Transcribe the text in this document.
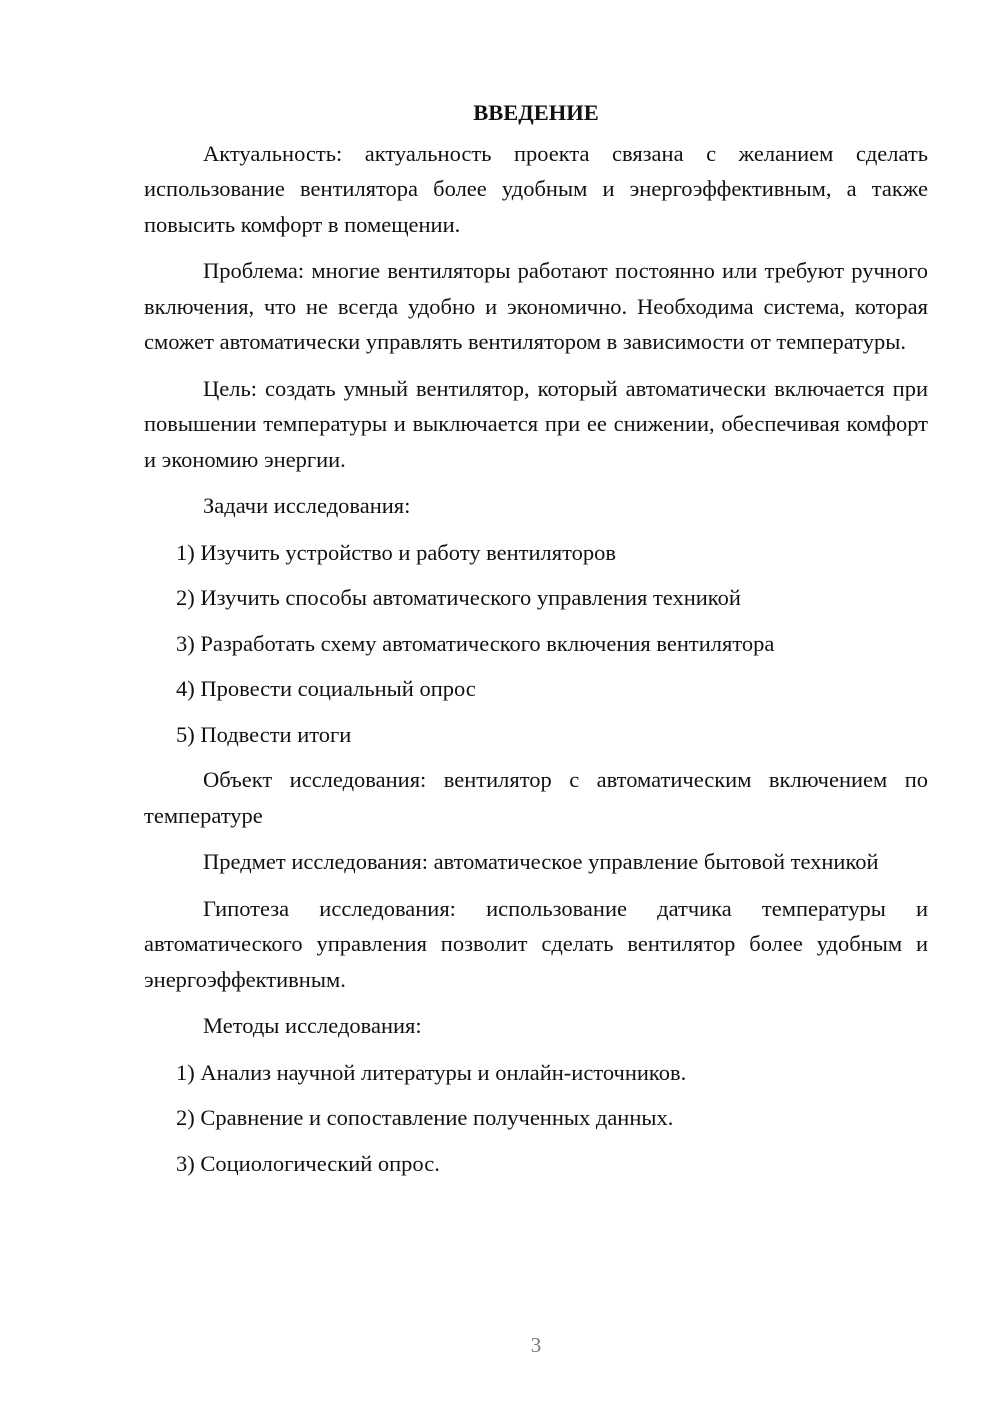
ВВЕДЕНИЕ

Актуальность: актуальность проекта связана с желанием сделать использование вентилятора более удобным и энергоэффективным, а также повысить комфорт в помещении.

Проблема: многие вентиляторы работают постоянно или требуют ручного включения, что не всегда удобно и экономично. Необходима система, которая сможет автоматически управлять вентилятором в зависимости от температуры.

Цель: создать умный вентилятор, который автоматически включается при повышении температуры и выключается при ее снижении, обеспечивая комфорт и экономию энергии.

Задачи исследования:

1) Изучить устройство и работу вентиляторов
2) Изучить способы автоматического управления техникой
3) Разработать схему автоматического включения вентилятора
4) Провести социальный опрос
5) Подвести итоги

Объект исследования: вентилятор с автоматическим включением по температуре

Предмет исследования: автоматическое управление бытовой техникой

Гипотеза исследования: использование датчика температуры и автоматического управления позволит сделать вентилятор более удобным и энергоэффективным.

Методы исследования:

1) Анализ научной литературы и онлайн-источников.
2) Сравнение и сопоставление полученных данных.
3) Социологический опрос.
3
